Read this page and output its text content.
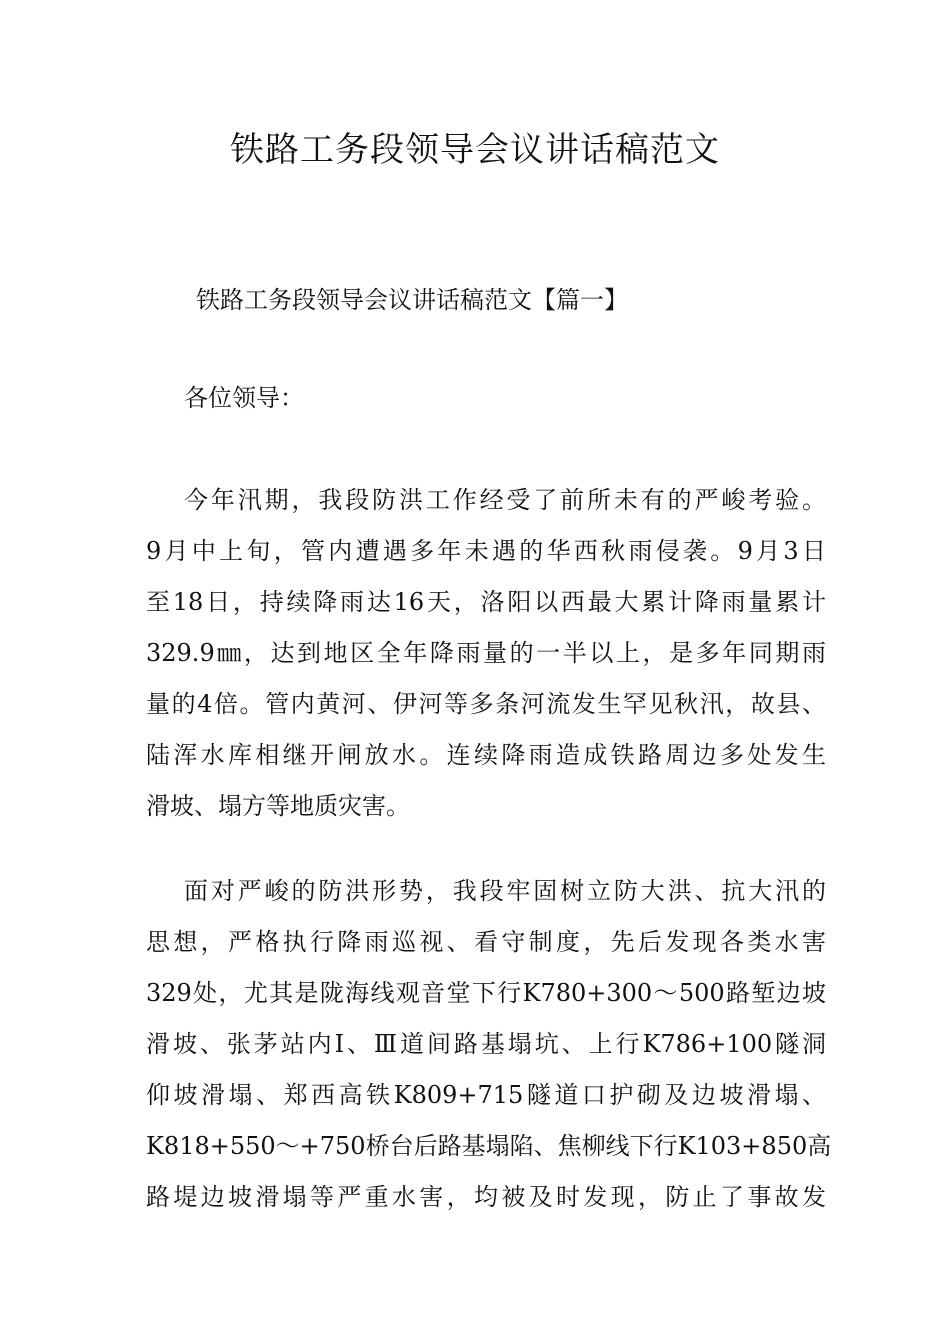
铁路工务段领导会议讲话稿范文
铁路工务段领导会议讲话稿范文【篇一】

各位领导：

今年汛期，我段防洪工作经受了前所未有的严峻考验。
9月中上旬，管内遭遇多年未遇的华西秋雨侵袭。9月3日
至18日，持续降雨达16天，洛阳以西最大累计降雨量累计
329.9㎜，达到地区全年降雨量的一半以上，是多年同期雨
量的4倍。管内黄河、伊河等多条河流发生罕见秋汛，故县、
陆浑水库相继开闸放水。连续降雨造成铁路周边多处发生
滑坡、塌方等地质灾害。
面对严峻的防洪形势，我段牢固树立防大洪、抗大汛的
思想，严格执行降雨巡视、看守制度，先后发现各类水害
329处，尤其是陇海线观音堂下行K780+300～500路堑边坡
滑坡、张茅站内Ⅰ、Ⅲ道间路基塌坑、上行K786+100隧洞
仰坡滑塌、郑西高铁K809+715隧道口护砌及边坡滑塌、
K818+550～+750桥台后路基塌陷、焦柳线下行K103+850高
路堤边坡滑塌等严重水害，均被及时发现，防止了事故发
